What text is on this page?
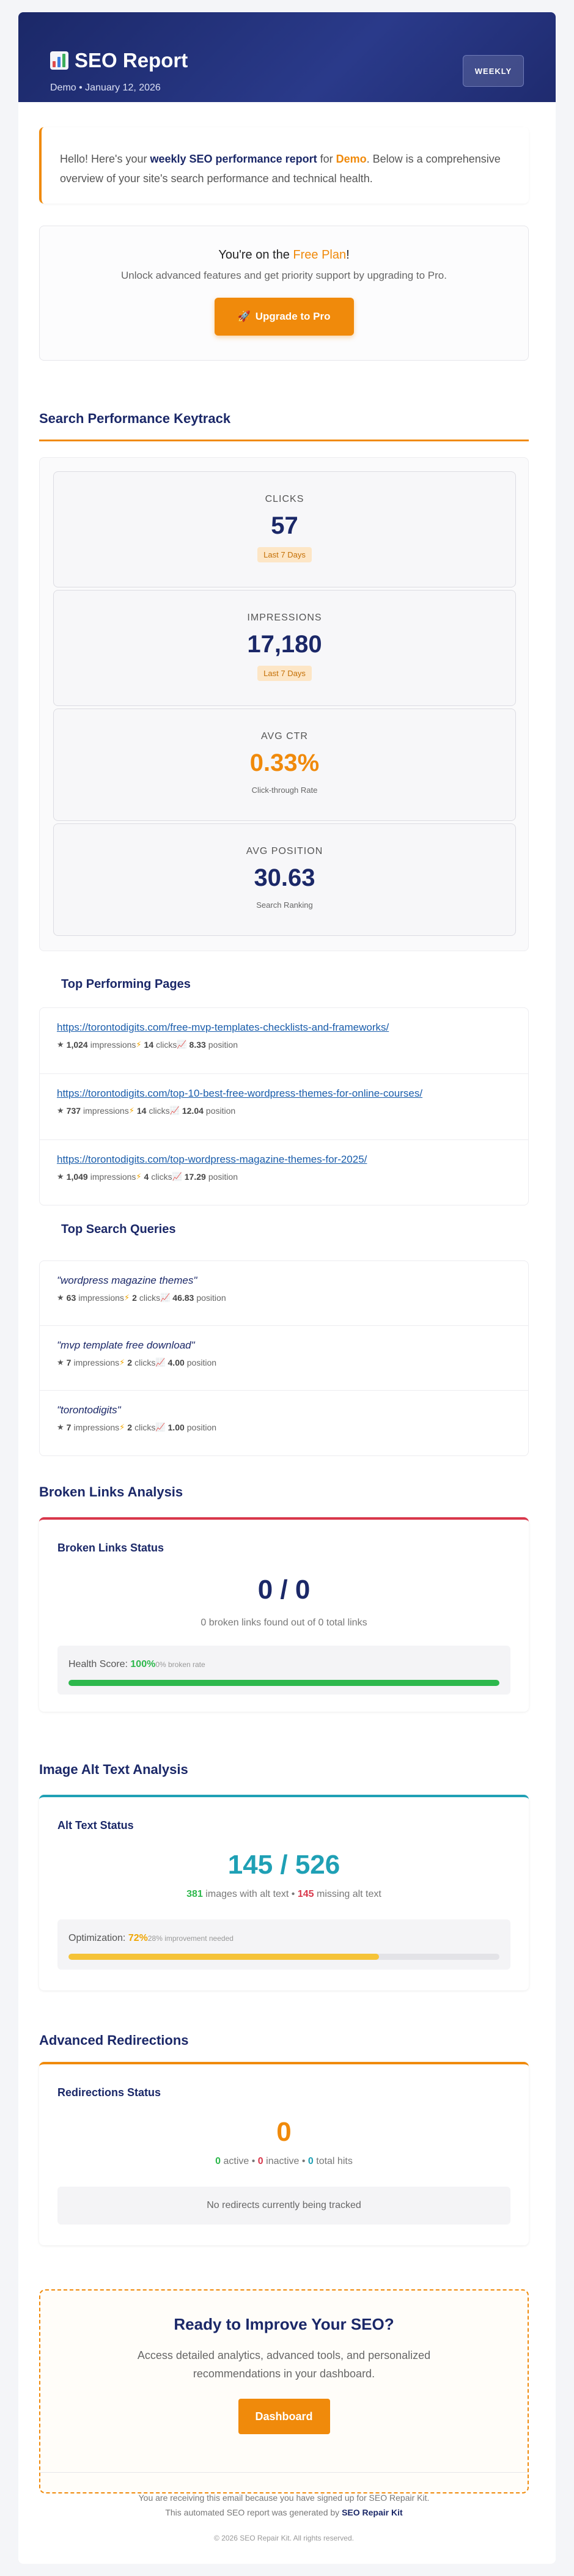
SEO Report
Demo • January 12, 2026
WEEKLY
Hello! Here's your weekly SEO performance report for Demo. Below is a comprehensive overview of your site's search performance and technical health.
You're on the Free Plan!
Unlock advanced features and get priority support by upgrading to Pro.
🚀 Upgrade to Pro
Search Performance Keytrack
CLICKS
57
Last 7 Days
IMPRESSIONS
17,180
Last 7 Days
AVG CTR
0.33%
Click-through Rate
AVG POSITION
30.63
Search Ranking
Top Performing Pages
https://torontodigits.com/free-mvp-templates-checklists-and-frameworks/
★ 1,024 impressions ⚡ 14 clicks 📈 8.33 position
https://torontodigits.com/top-10-best-free-wordpress-themes-for-online-courses/
★ 737 impressions ⚡ 14 clicks 📈 12.04 position
https://torontodigits.com/top-wordpress-magazine-themes-for-2025/
★ 1,049 impressions ⚡ 4 clicks 📈 17.29 position
Top Search Queries
"wordpress magazine themes"
★ 63 impressions ⚡ 2 clicks 📈 46.83 position
"mvp template free download"
★ 7 impressions ⚡ 2 clicks 📈 4.00 position
"torontodigits"
★ 7 impressions ⚡ 2 clicks 📈 1.00 position
Broken Links Analysis
Broken Links Status
0 / 0
0 broken links found out of 0 total links
Health Score: 100%0% broken rate
Image Alt Text Analysis
Alt Text Status
145 / 526
381 images with alt text • 145 missing alt text
Optimization: 72%28% improvement needed
Advanced Redirections
Redirections Status
0
0 active • 0 inactive • 0 total hits
No redirects currently being tracked
Ready to Improve Your SEO?
Access detailed analytics, advanced tools, and personalized recommendations in your dashboard.
Dashboard
You are receiving this email because you have signed up for SEO Repair Kit.
This automated SEO report was generated by SEO Repair Kit
© 2026 SEO Repair Kit. All rights reserved.
